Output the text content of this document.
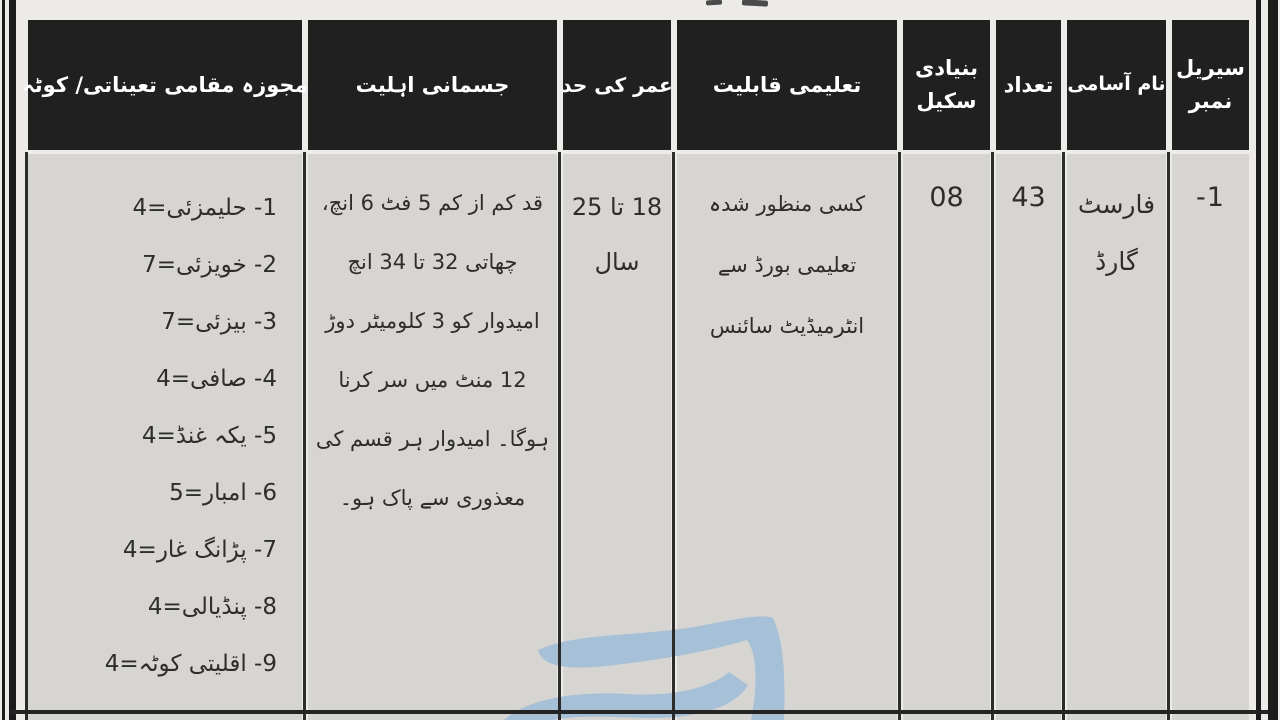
سیریل نمبر
نام آسامی
تعداد
بنیادی سکیل
تعلیمی قابلیت
عمر کی حد
جسمانی اہلیت
مجوزہ مقامی تعیناتی/ کوٹہ
1-
فارسٹ گارڈ
43
08
کسی منظور شدہ تعلیمی بورڈ سے انٹرمیڈیٹ سائنس
18 تا 25 سال
قد کم از کم 5 فٹ 6 انچ، چھاتی 32 تا 34 انچ امیدوار کو 3 کلومیٹر دوڑ 12 منٹ میں سر کرنا ہوگا۔ امیدوار ہر قسم کی معذوری سے پاک ہو۔
1- حلیمزئی=4
2- خویزئی=7
3- بیزئی=7
4- صافی=4
5- یکہ غنڈ=4
6- امبار=5
7- پڑانگ غار=4
8- پنڈیالی=4
9- اقلیتی کوٹہ=4
